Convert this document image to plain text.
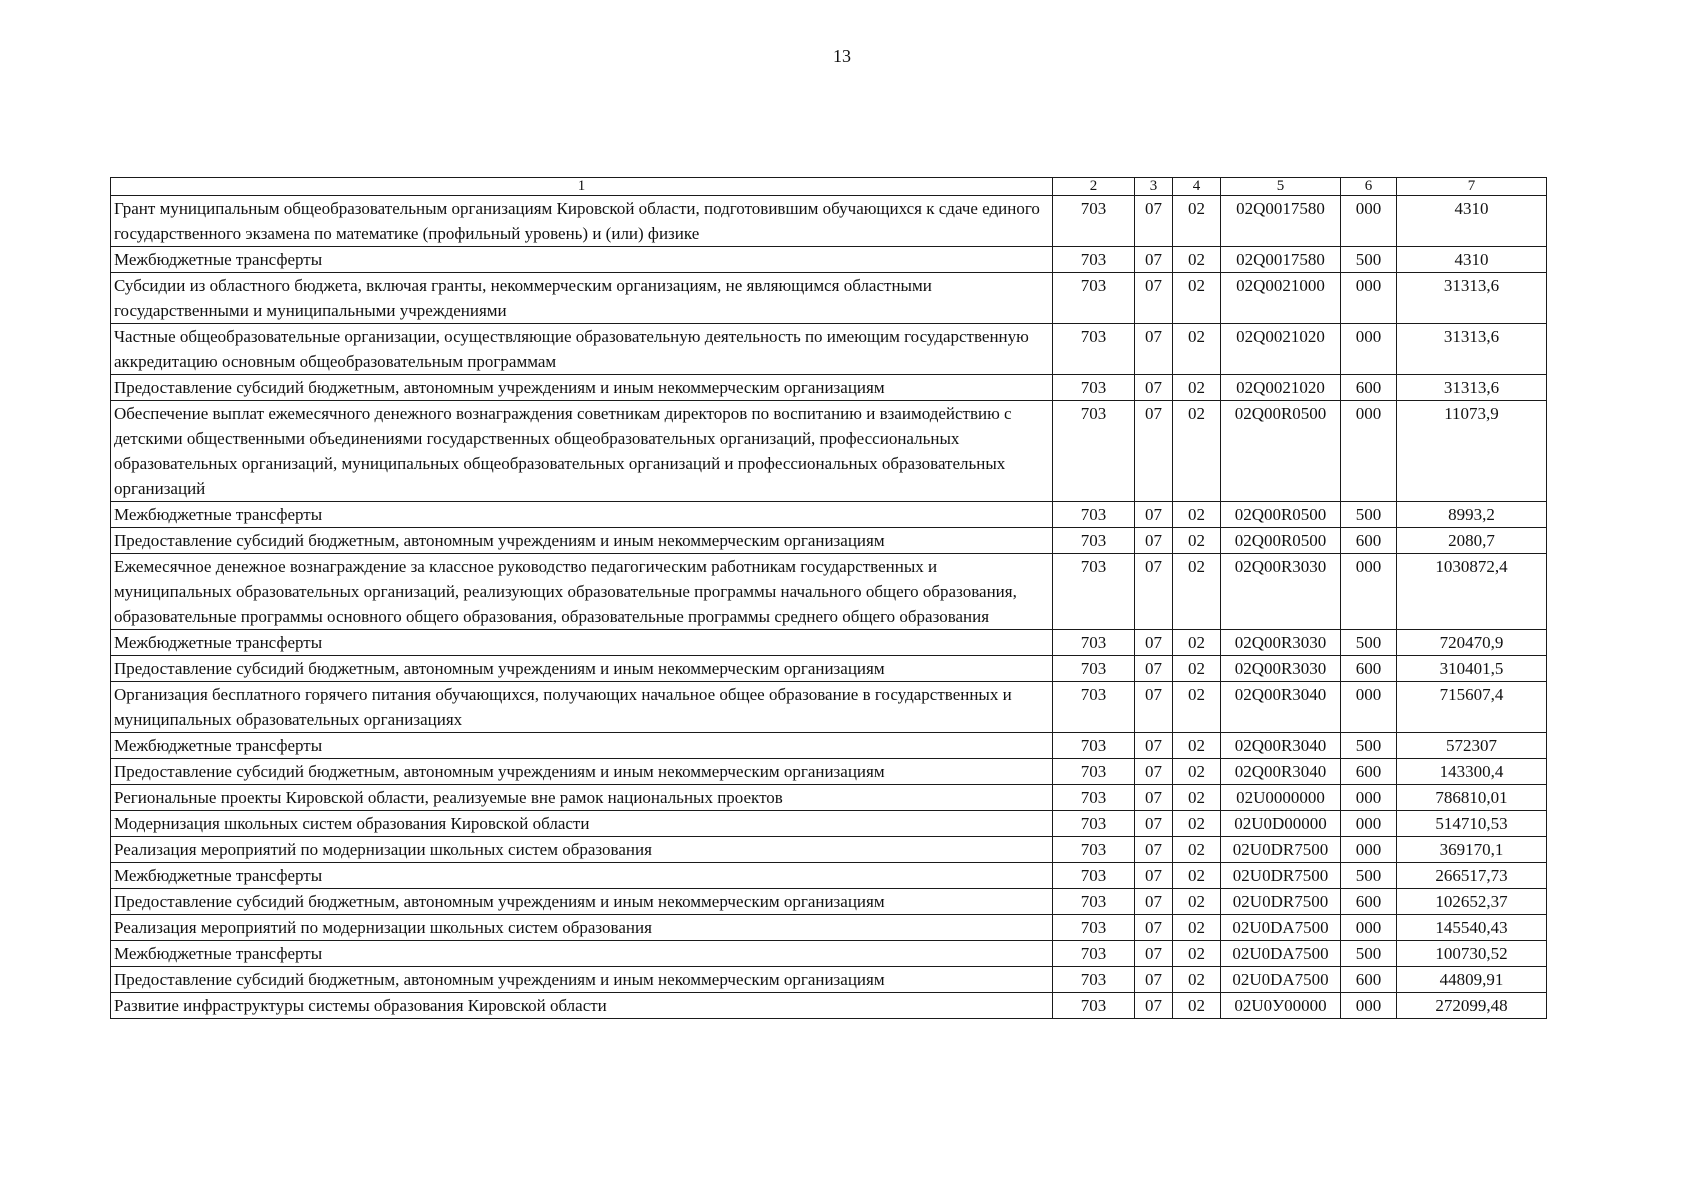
13
1	2	3	4	5	6	7
Грант муниципальным общеобразовательным организациям Кировской области, подготовившим обучающихся к сдаче единого государственного экзамена по математике (профильный уровень) и (или) физике	703	07	02	02Q0017580	000	4310
Межбюджетные трансферты	703	07	02	02Q0017580	500	4310
Субсидии из областного бюджета, включая гранты, некоммерческим организациям, не являющимся областными государственными и муниципальными учреждениями	703	07	02	02Q0021000	000	31313,6
Частные общеобразовательные организации, осуществляющие образовательную деятельность по имеющим государственную аккредитацию основным общеобразовательным программам	703	07	02	02Q0021020	000	31313,6
Предоставление субсидий бюджетным, автономным учреждениям и иным некоммерческим организациям	703	07	02	02Q0021020	600	31313,6
Обеспечение выплат ежемесячного денежного вознаграждения советникам директоров по воспитанию и взаимодействию с детскими общественными объединениями государственных общеобразовательных организаций, профессиональных образовательных организаций, муниципальных общеобразовательных организаций и профессиональных образовательных организаций	703	07	02	02Q00R0500	000	11073,9
Межбюджетные трансферты	703	07	02	02Q00R0500	500	8993,2
Предоставление субсидий бюджетным, автономным учреждениям и иным некоммерческим организациям	703	07	02	02Q00R0500	600	2080,7
Ежемесячное денежное вознаграждение за классное руководство педагогическим работникам государственных и муниципальных образовательных организаций, реализующих образовательные программы начального общего образования, образовательные программы основного общего образования, образовательные программы среднего общего образования	703	07	02	02Q00R3030	000	1030872,4
Межбюджетные трансферты	703	07	02	02Q00R3030	500	720470,9
Предоставление субсидий бюджетным, автономным учреждениям и иным некоммерческим организациям	703	07	02	02Q00R3030	600	310401,5
Организация бесплатного горячего питания обучающихся, получающих начальное общее образование в государственных и муниципальных образовательных организациях	703	07	02	02Q00R3040	000	715607,4
Межбюджетные трансферты	703	07	02	02Q00R3040	500	572307
Предоставление субсидий бюджетным, автономным учреждениям и иным некоммерческим организациям	703	07	02	02Q00R3040	600	143300,4
Региональные проекты Кировской области, реализуемые вне рамок национальных проектов	703	07	02	02U0000000	000	786810,01
Модернизация школьных систем образования Кировской области	703	07	02	02U0D00000	000	514710,53
Реализация мероприятий по модернизации школьных систем образования	703	07	02	02U0DR7500	000	369170,1
Межбюджетные трансферты	703	07	02	02U0DR7500	500	266517,73
Предоставление субсидий бюджетным, автономным учреждениям и иным некоммерческим организациям	703	07	02	02U0DR7500	600	102652,37
Реализация мероприятий по модернизации школьных систем образования	703	07	02	02U0DA7500	000	145540,43
Межбюджетные трансферты	703	07	02	02U0DA7500	500	100730,52
Предоставление субсидий бюджетным, автономным учреждениям и иным некоммерческим организациям	703	07	02	02U0DA7500	600	44809,91
Развитие инфраструктуры системы образования Кировской области	703	07	02	02U0У00000	000	272099,48
